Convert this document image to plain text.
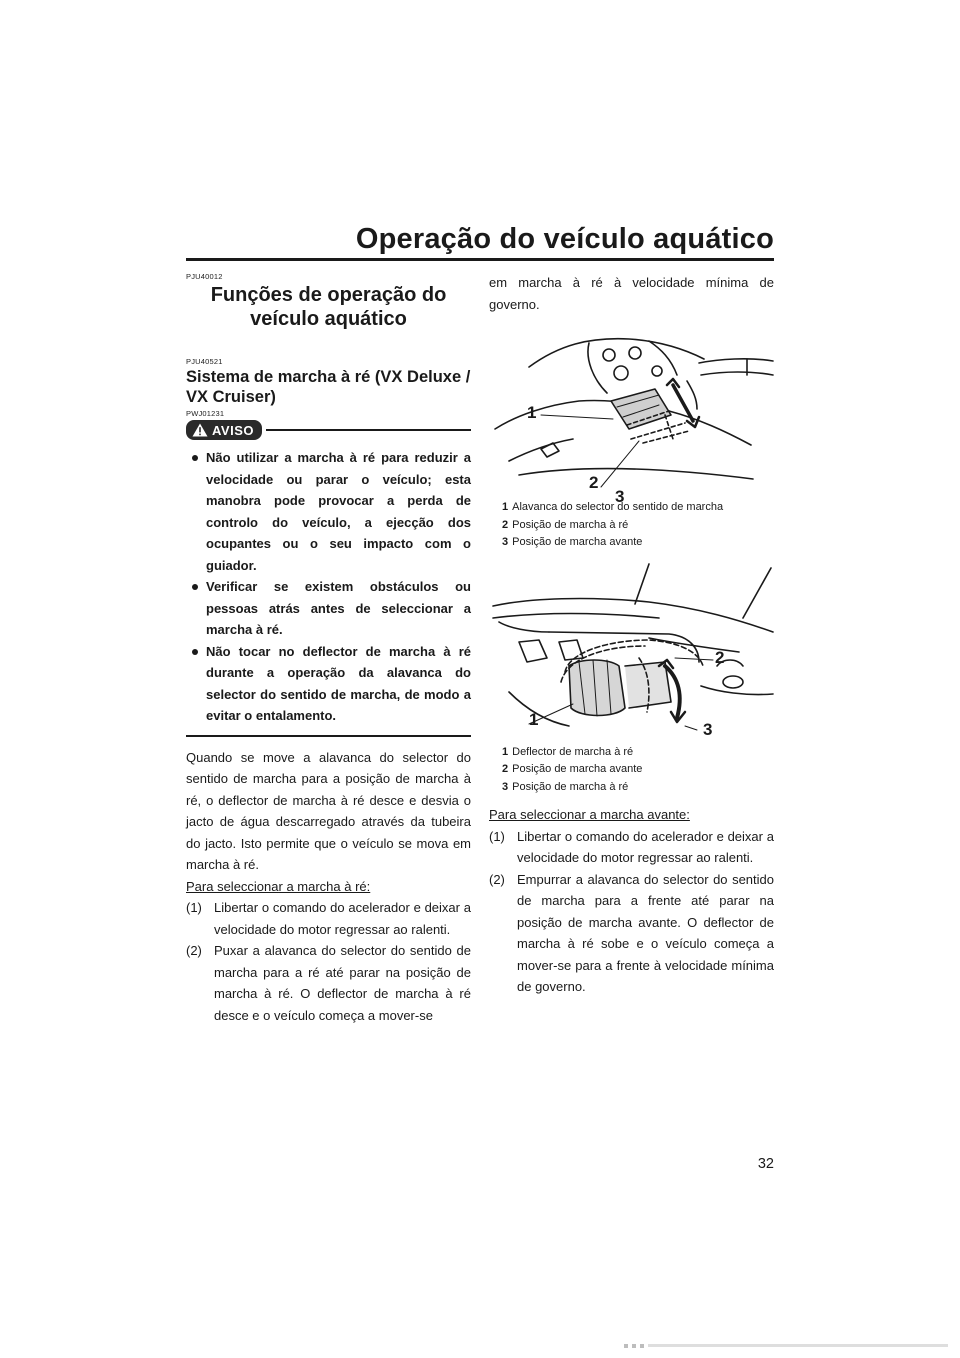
Operação do veículo aquático
PJU40012
Funções de operação do
veículo aquático
PJU40521
Sistema de marcha à ré (VX Deluxe / VX Cruiser)
PWJ01231
AVISO
Não utilizar a marcha à ré para reduzir a velocidade ou parar o veículo; esta manobra pode provocar a perda de controlo do veículo, a ejecção dos ocupantes ou o seu impacto com o guiador.
Verificar se existem obstáculos ou pessoas atrás antes de seleccionar a marcha à ré.
Não tocar no deflector de marcha à ré durante a operação da alavanca do selector do sentido de marcha, de modo a evitar o entalamento.

Quando se move a alavanca do selector do sentido de marcha para a posição de marcha à ré, o deflector de marcha à ré desce e desvia o jacto de água descarregado através da tubeira do jacto. Isto permite que o veículo se mova em marcha à ré.

Para seleccionar a marcha à ré:
(1) Libertar o comando do acelerador e deixar a velocidade do motor regressar ao ralenti.
(2) Puxar a alavanca do selector do sentido de marcha para a ré até parar na posição de marcha à ré. O deflector de marcha à ré desce e o veículo começa a mover-se

em marcha à ré à velocidade mínima de governo.

1
2
3
1 Alavanca do selector do sentido de marcha
2 Posição de marcha à ré
3 Posição de marcha avante
1
2
3
1 Deflector de marcha à ré
2 Posição de marcha avante
3 Posição de marcha à ré
Para seleccionar a marcha avante:
(1) Libertar o comando do acelerador e deixar a velocidade do motor regressar ao ralenti.
(2) Empurrar a alavanca do selector do sentido de marcha para a frente até parar na posição de marcha avante. O deflector de marcha à ré sobe e o veículo começa a mover-se para a frente à velocidade mínima de governo.
32
